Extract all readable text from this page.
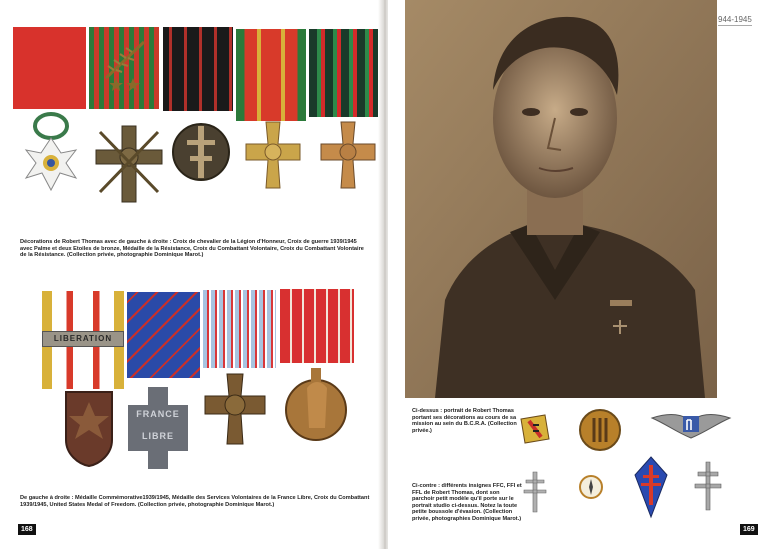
Décorations de Robert Thomas avec de gauche à droite : Croix de chevalier de la Légion d'Honneur, Croix de guerre 1939/1945 avec Palme et deux Etoiles de bronze, Médaille de la Résistance, Croix du Combattant Volontaire, Croix du Combattant Volontaire de la Résistance. (Collection privée, photographie Dominique Marot.)
LIBERATION
FRANCE
LIBRE
De gauche à droite : Médaille Commémorative1939/1945, Médaille des Services Volontaires de la France Libre, Croix du Combattant 1939/1945, United States Medal of Freedom. (Collection privée, photographie Dominique Marot.)
168
944-1945
Ci-dessus : portrait de Robert Thomas portant ses décorations au cours de sa mission au sein du B.C.R.A. (Collection privée.)
Ci-contre : différents insignes FFC, FFI et FFL de Robert Thomas, dont son parchoir petit modèle qu'il porte sur le portrait studio ci-dessus. Notez la toute petite boussole d'évasion. (Collection privée, photographies Dominique Marot.)
169
